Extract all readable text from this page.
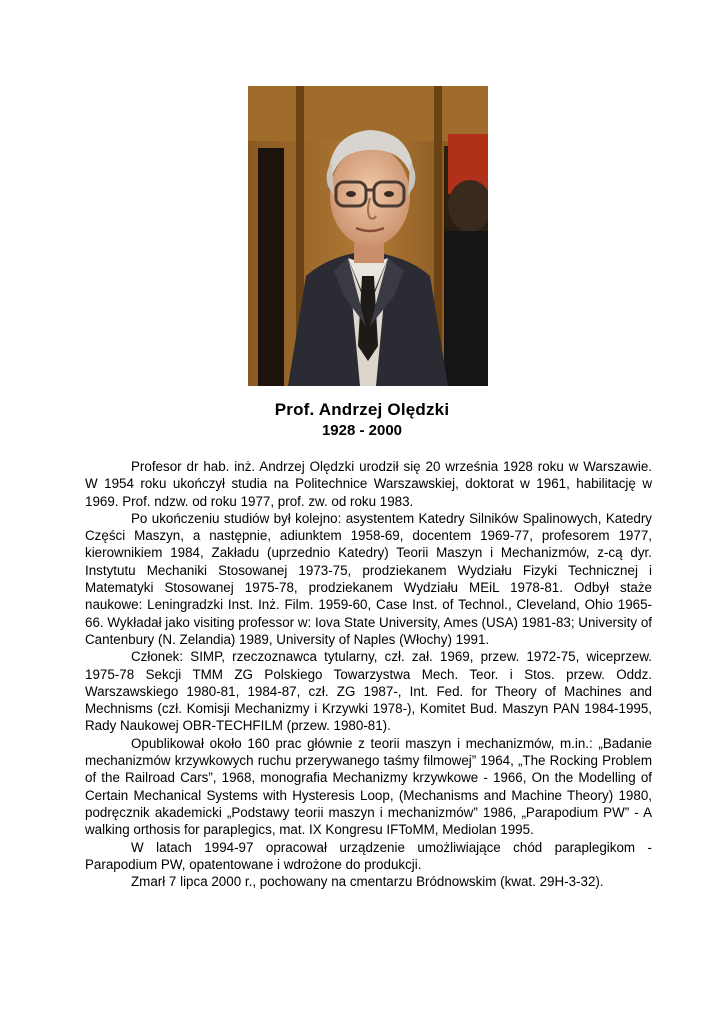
Prof. Andrzej Olędzki
1928 - 2000

Profesor dr hab. inż. Andrzej Olędzki urodził się 20 września 1928 roku w Warszawie. W 1954 roku ukończył studia na Politechnice Warszawskiej, doktorat w 1961, habilitację w 1969. Prof. ndzw. od roku 1977, prof. zw. od roku 1983.

Po ukończeniu studiów był kolejno: asystentem Katedry Silników Spalinowych, Katedry Części Maszyn, a następnie, adiunktem 1958-69, docentem 1969-77, profesorem 1977, kierownikiem 1984, Zakładu (uprzednio Katedry) Teorii Maszyn i Mechanizmów, z-cą dyr. Instytutu Mechaniki Stosowanej 1973-75, prodziekanem Wydziału Fizyki Technicznej i Matematyki Stosowanej 1975-78, prodziekanem Wydziału MEiL 1978-81. Odbył staże naukowe: Leningradzki Inst. Inż. Film. 1959-60, Case Inst. of Technol., Cleveland, Ohio 1965-66. Wykładał jako visiting professor w: Iova State University, Ames (USA) 1981-83; University of Cantenbury (N. Zelandia) 1989, University of Naples (Włochy) 1991.

Członek: SIMP, rzeczoznawca tytularny, czł. zał. 1969, przew. 1972-75, wiceprzew. 1975-78 Sekcji TMM ZG Polskiego Towarzystwa Mech. Teor. i Stos. przew. Oddz. Warszawskiego 1980-81, 1984-87, czł. ZG 1987-, Int. Fed. for Theory of Machines and Mechnisms (czł. Komisji Mechanizmy i Krzywki 1978-), Komitet Bud. Maszyn PAN 1984-1995, Rady Naukowej OBR-TECHFILM (przew. 1980-81).

Opublikował około 160 prac głównie z teorii maszyn i mechanizmów, m.in.: „Badanie mechanizmów krzywkowych ruchu przerywanego taśmy filmowej” 1964, „The Rocking Problem of the Railroad Cars”, 1968, monografia Mechanizmy krzywkowe - 1966, On the Modelling of Certain Mechanical Systems with Hysteresis Loop, (Mechanisms and Machine Theory) 1980, podręcznik akademicki „Podstawy teorii maszyn i mechanizmów” 1986, „Parapodium PW” - A walking orthosis for paraplegics, mat. IX Kongresu IFToMM, Mediolan 1995.

W latach 1994-97 opracował urządzenie umożliwiające chód paraplegikom - Parapodium PW, opatentowane i wdrożone do produkcji.

Zmarł 7 lipca 2000 r., pochowany na cmentarzu Bródnowskim (kwat. 29H-3-32).
